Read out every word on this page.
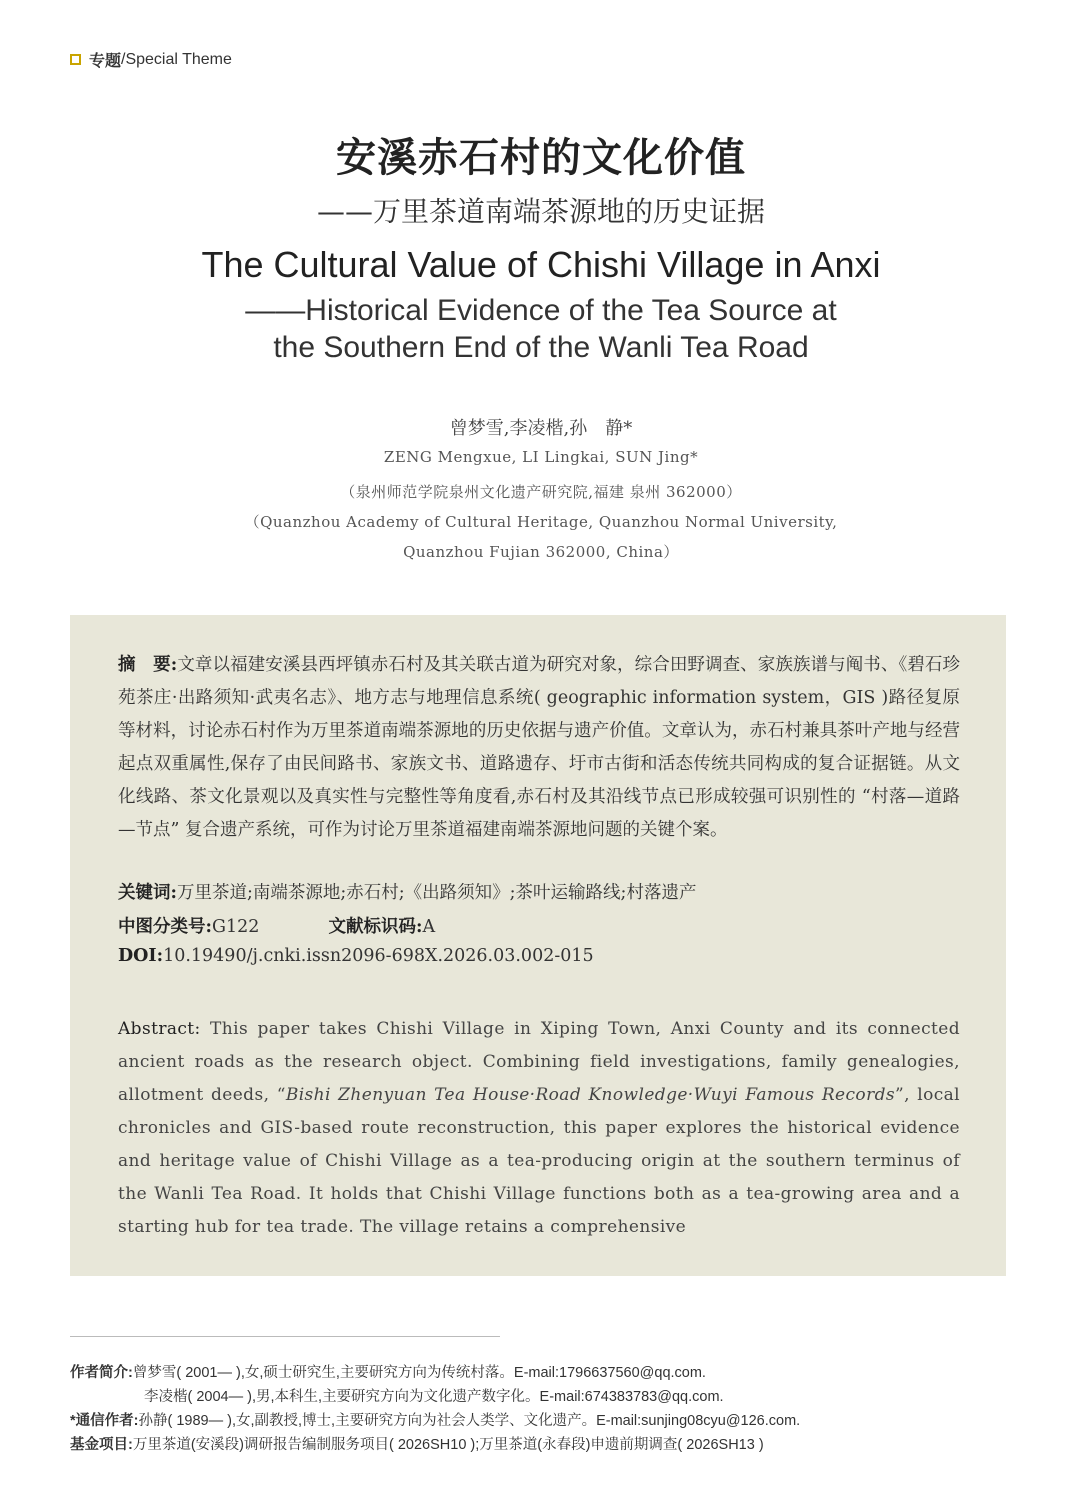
专题 /Special Theme
安溪赤石村的文化价值
——万里茶道南端茶源地的历史证据
The Cultural Value of Chishi Village in Anxi
——Historical Evidence of the Tea Source at
the Southern End of the Wanli Tea Road
曾梦雪,李凌楷,孙　静*
ZENG Mengxue, LI Lingkai, SUN Jing*
（泉州师范学院泉州文化遗产研究院,福建 泉州 362000）
（Quanzhou Academy of Cultural Heritage, Quanzhou Normal University,
Quanzhou Fujian 362000, China）
摘　要:文章以福建安溪县西坪镇赤石村及其关联古道为研究对象，综合田野调查、家族族谱与阄书、《碧石珍苑茶庄·出路须知·武夷名志》、地方志与地理信息系统( geographic information system，GIS )路径复原等材料，讨论赤石村作为万里茶道南端茶源地的历史依据与遗产价值。文章认为，赤石村兼具茶叶产地与经营起点双重属性,保存了由民间路书、家族文书、道路遗存、圩市古街和活态传统共同构成的复合证据链。从文化线路、茶文化景观以及真实性与完整性等角度看,赤石村及其沿线节点已形成较强可识别性的 “村落—道路—节点” 复合遗产系统，可作为讨论万里茶道福建南端茶源地问题的关键个案。
关键词:万里茶道;南端茶源地;赤石村;《出路须知》;茶叶运输路线;村落遗产
中图分类号:G122	文献标识码:A
DOI:10.19490/j.cnki.issn2096-698X.2026.03.002-015
Abstract: This paper takes Chishi Village in Xiping Town, Anxi County and its connected ancient roads as the research object. Combining field investigations, family genealogies, allotment deeds, “Bishi Zhenyuan Tea House·Road Knowledge·Wuyi Famous Records”, local chronicles and GIS-based route reconstruction, this paper explores the historical evidence and heritage value of Chishi Village as a tea-producing origin at the southern terminus of the Wanli Tea Road. It holds that Chishi Village functions both as a tea-growing area and a starting hub for tea trade. The village retains a comprehensive
作者简介:曾梦雪( 2001— ),女,硕士研究生,主要研究方向为传统村落。E-mail:1796637560@qq.com.
李凌楷( 2004— ),男,本科生,主要研究方向为文化遗产数字化。E-mail:674383783@qq.com.
*通信作者:孙静( 1989— ),女,副教授,博士,主要研究方向为社会人类学、文化遗产。E-mail:sunjing08cyu@126.com.
基金项目:万里茶道(安溪段)调研报告编制服务项目( 2026SH10 );万里茶道(永春段)申遗前期调查( 2026SH13 )
